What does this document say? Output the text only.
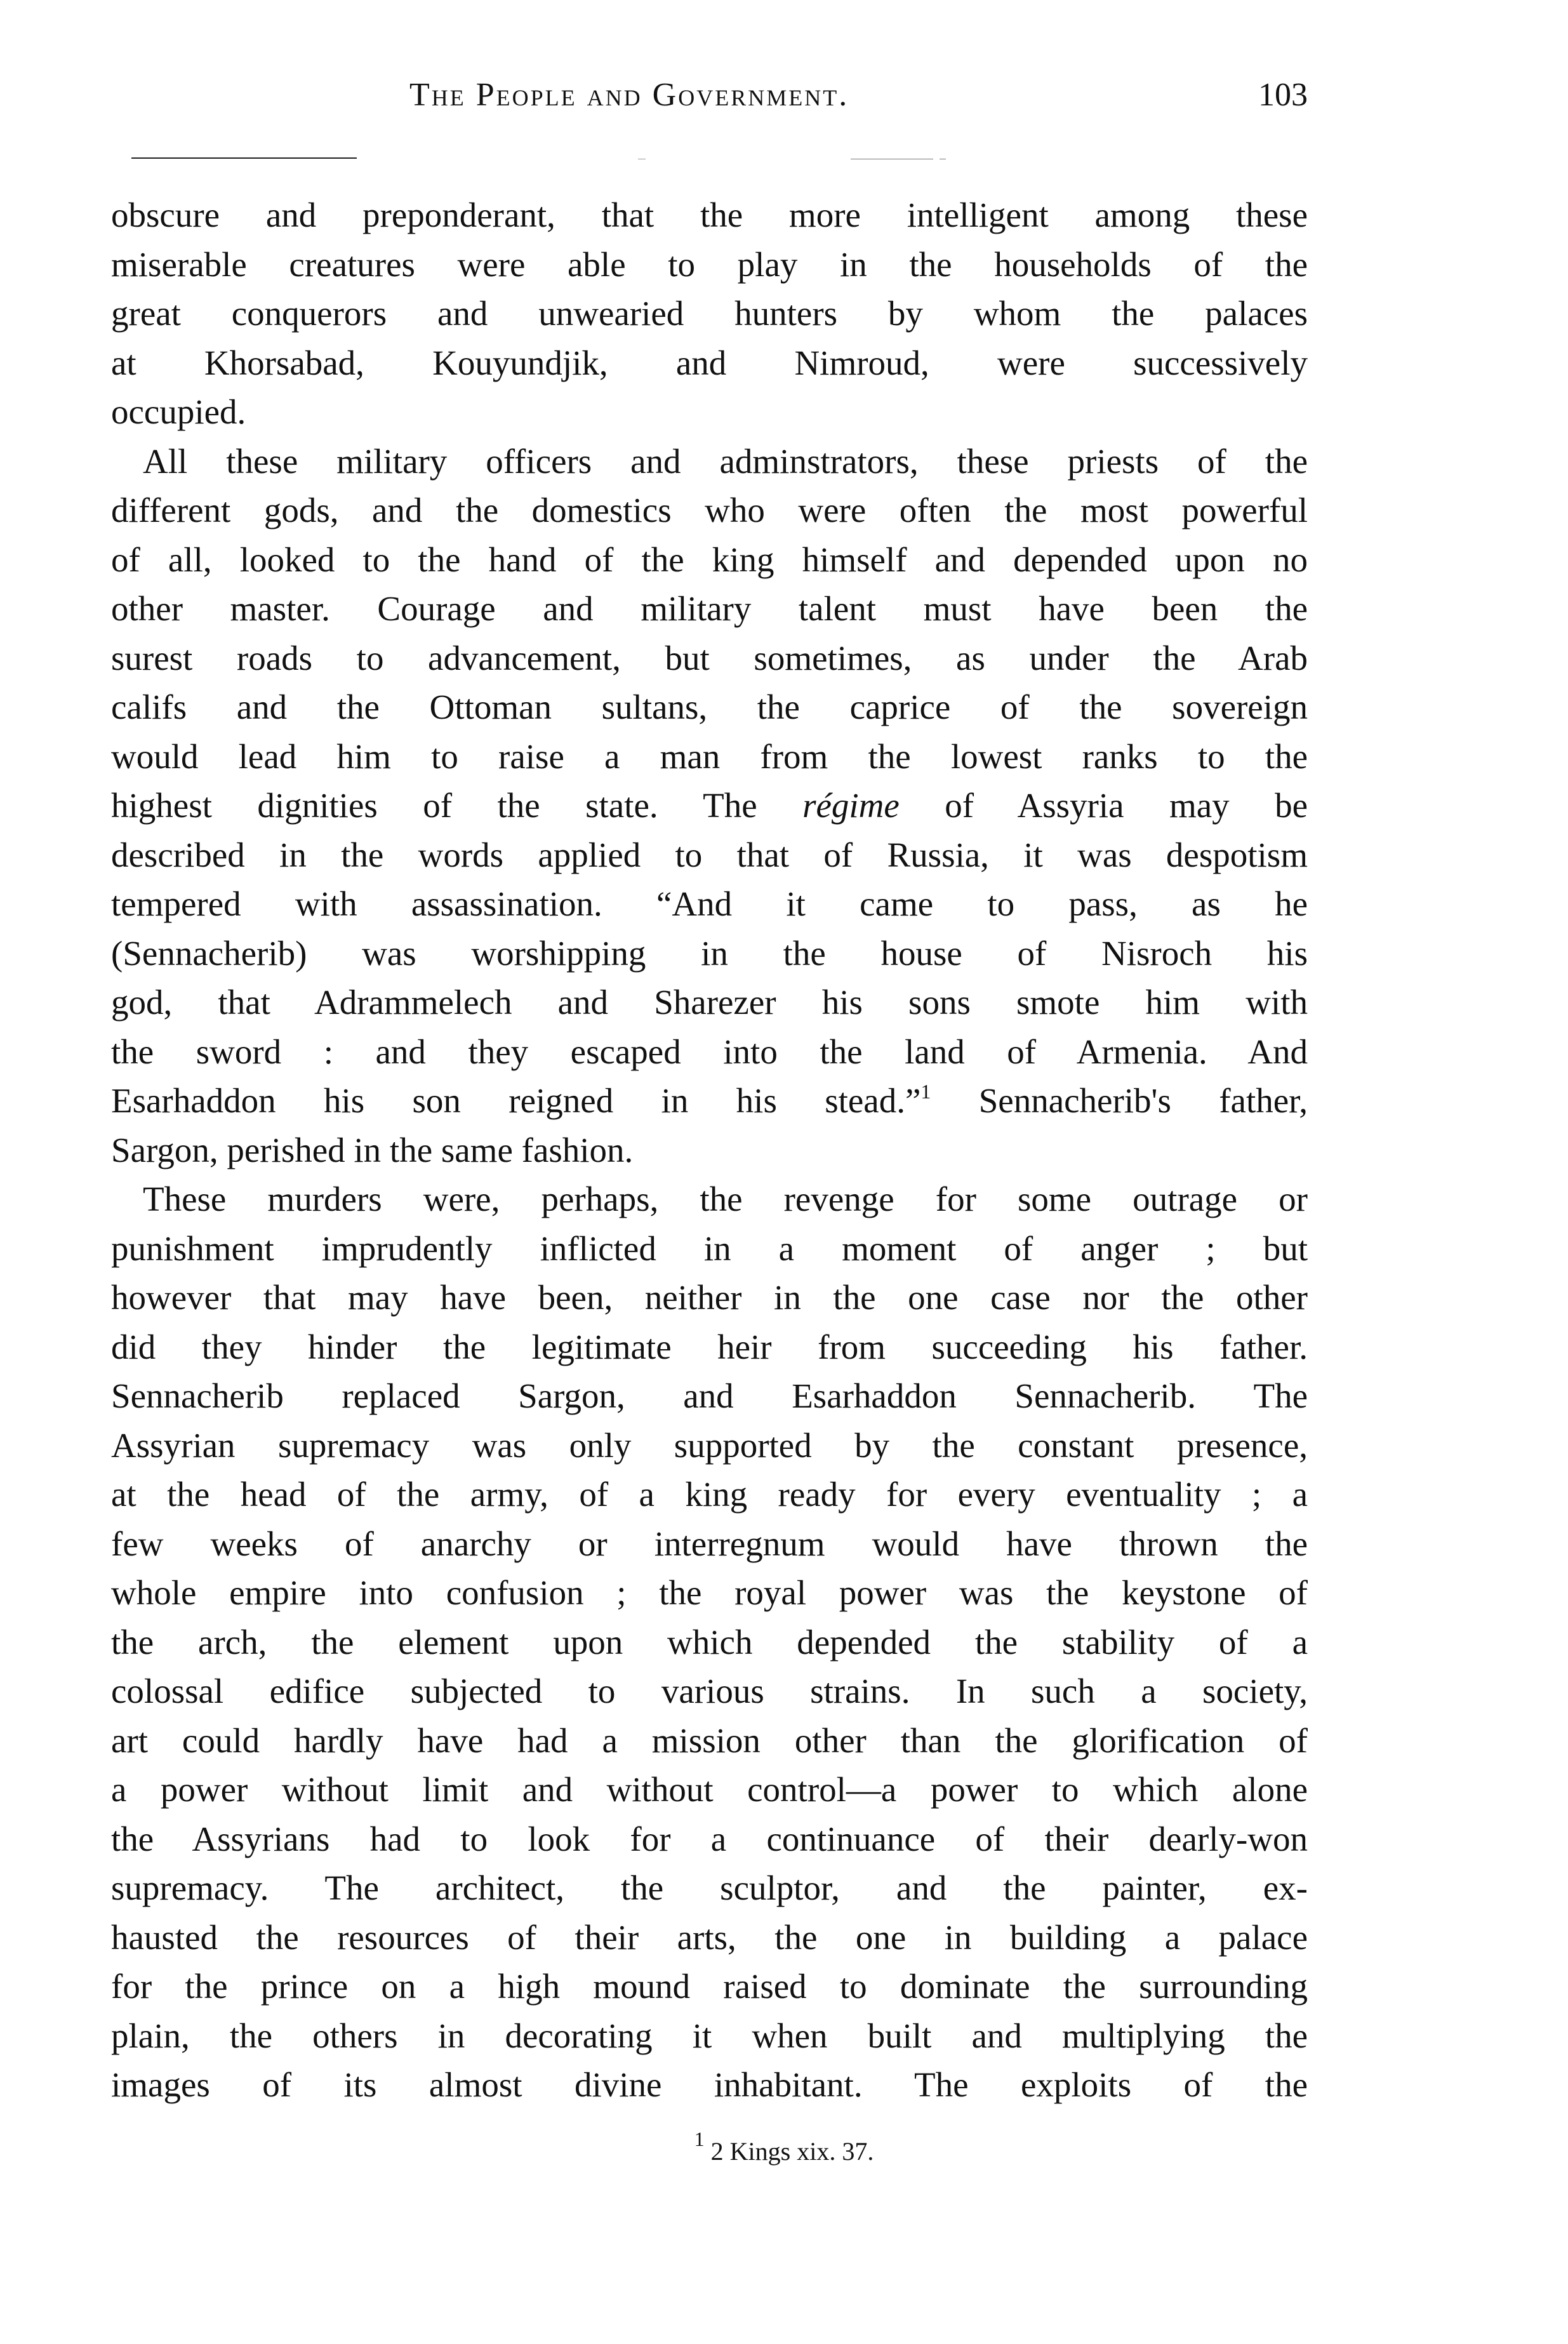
The People and Government.	103

obscure and preponderant, that the more intelligent among these
miserable creatures were able to play in the households of the
great conquerors and unwearied hunters by whom the palaces
at Khorsabad, Kouyundjik, and Nimroud, were successively
occupied.

All these military officers and adminstrators, these priests of the
different gods, and the domestics who were often the most powerful
of all, looked to the hand of the king himself and depended upon no
other master. Courage and military talent must have been the
surest roads to advancement, but sometimes, as under the Arab
califs and the Ottoman sultans, the caprice of the sovereign
would lead him to raise a man from the lowest ranks to the
highest dignities of the state. The régime of Assyria may be
described in the words applied to that of Russia, it was despotism
tempered with assassination. “And it came to pass, as he
(Sennacherib) was worshipping in the house of Nisroch his
god, that Adrammelech and Sharezer his sons smote him with
the sword : and they escaped into the land of Armenia. And
Esarhaddon his son reigned in his stead.”$^1$ Sennacherib's father,
Sargon, perished in the same fashion.

These murders were, perhaps, the revenge for some outrage or
punishment imprudently inflicted in a moment of anger ; but
however that may have been, neither in the one case nor the other
did they hinder the legitimate heir from succeeding his father.
Sennacherib replaced Sargon, and Esarhaddon Sennacherib. The
Assyrian supremacy was only supported by the constant presence,
at the head of the army, of a king ready for every eventuality ; a
few weeks of anarchy or interregnum would have thrown the
whole empire into confusion ; the royal power was the keystone of
the arch, the element upon which depended the stability of a
colossal edifice subjected to various strains. In such a society,
art could hardly have had a mission other than the glorification of
a power without limit and without control—a power to which alone
the Assyrians had to look for a continuance of their dearly-won
supremacy. The architect, the sculptor, and the painter, ex-
hausted the resources of their arts, the one in building a palace
for the prince on a high mound raised to dominate the surrounding
plain, the others in decorating it when built and multiplying the
images of its almost divine inhabitant. The exploits of the

$^1$ 2 Kings xix. 37.
